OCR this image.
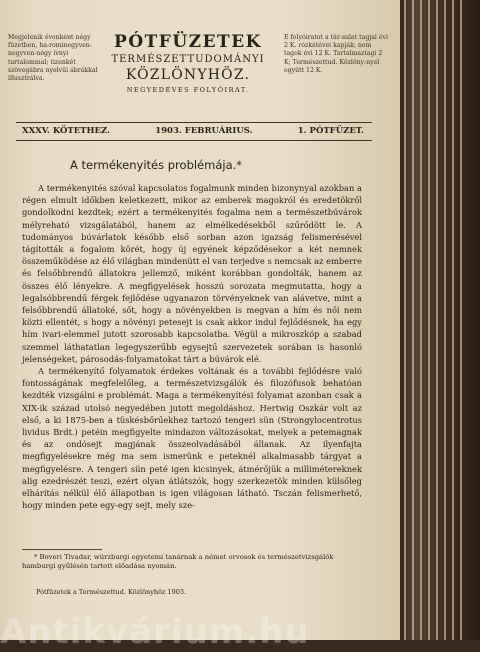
Megjelenik évenként négy füzetben, ha-rominegyven-negyven-négy ívnyi tartalommal; tizenkét szövegábra nyelvűi ábrákkal illusztrálva.
E folyóiratot a tár-sulat tagjai évi 2 K. rózkétévei kapják; nem tagok évi 12 K. Tartalmaztagi 2 K; Természettud. Közlöny-nyel együtt 12 K.
PÓTFÜZETEK
TERMÉSZETTUDOMÁNYI
KÖZLÖNYHÖZ.
NEGYEDÉVES FOLYÓIRAT.
XXXV. KÖTETHEZ.	1903. FEBRUÁRIUS.	1. PÓTFÜZET.
A termékenyités problémája.*

A termékenyités szóval kapcsolatos fogalmunk minden bizonynyal azokban a régen elmult időkben keletkezett, mikor az emberek magokról és eredetökről gondolkodni kezdtek; ezért a termékenyités fogalma nem a természetbúvárok mélyreható vizsgálatából, hanem az elmélkedésekből szűrődött le. A tudományos búvárlatok később első sorban azon igazság felismerésével tágították a fogalom körét, hogy új egyének képződésekor a két nemnek összeműködése az élő világban mindenütt el van terjedve s nemcsak az emberre és felsőbbrendű állatokra jellemző, miként korábban gondolták, hanem az összes élő lényekre. A megfigyelések hosszú sorozata megmutatta, hogy a legalsóbbrendű férgek fejlődése ugyanazon törvényeknek van alávetve, mint a felsőbbrendű állatoké, sőt, hogy a növényekben is megvan a hím és női nem közti ellentét, s hogy a növényi petesejt is csak akkor indul fejlődésnek, ha egy hím ivari-elemmel jutott szorosabb kapcsolatba. Végül a mikroszkóp a szabad szemmel láthatatlan legegyszerűbb egysejtű szervezetek sorában is hasonló jelenségeket, párosodás-folyamatokat tárt a búvárok elé.

A termékenyítő folyamatok érdekes voltának és a további fejlődésre való fontosságának megfelelőleg, a természetvizsgálók és filozófusok behatóan kezdték vizsgálni e problémát. Maga a termékenyítési folyamat azonban csak a XIX-ik század utolsó negyedében jutott megoldáshoz. Hertwig Oszkár volt az első, a ki 1875-ben a tüskésbőrűekhez tartozó tengeri sün (Strongylocentrotus lividus Brdt.) petéin megfigyelte mindazon változásokat, melyek a petemagnak és az ondósejt magjának összeolvadásából állanak. Az ilyenfajta megfigyelésekre még ma sem ismerünk e peteknél alkalmasabb tárgyat a megfigyelésre. A tengeri sün peté igen kicsinyek, átmérőjük a millimétereknek alig ezedrészét teszi, ezért olyan átlátszók, hogy szerkezetök minden külsőleg elhárítás nélkül élő állapotban is igen világosan látható. Tsczán felismerhető, hogy minden pete egy-egy sejt, mely sze-

* Boveri Tivadar, würzburgi egyetemi tanárnak a német orvosok és természetvizsgálók hamburgi gyűlésén tartott előadása nyomán.
Pótfüzetek a Természettud. Közlönyhöz 1903.
Antikvárium.hu
